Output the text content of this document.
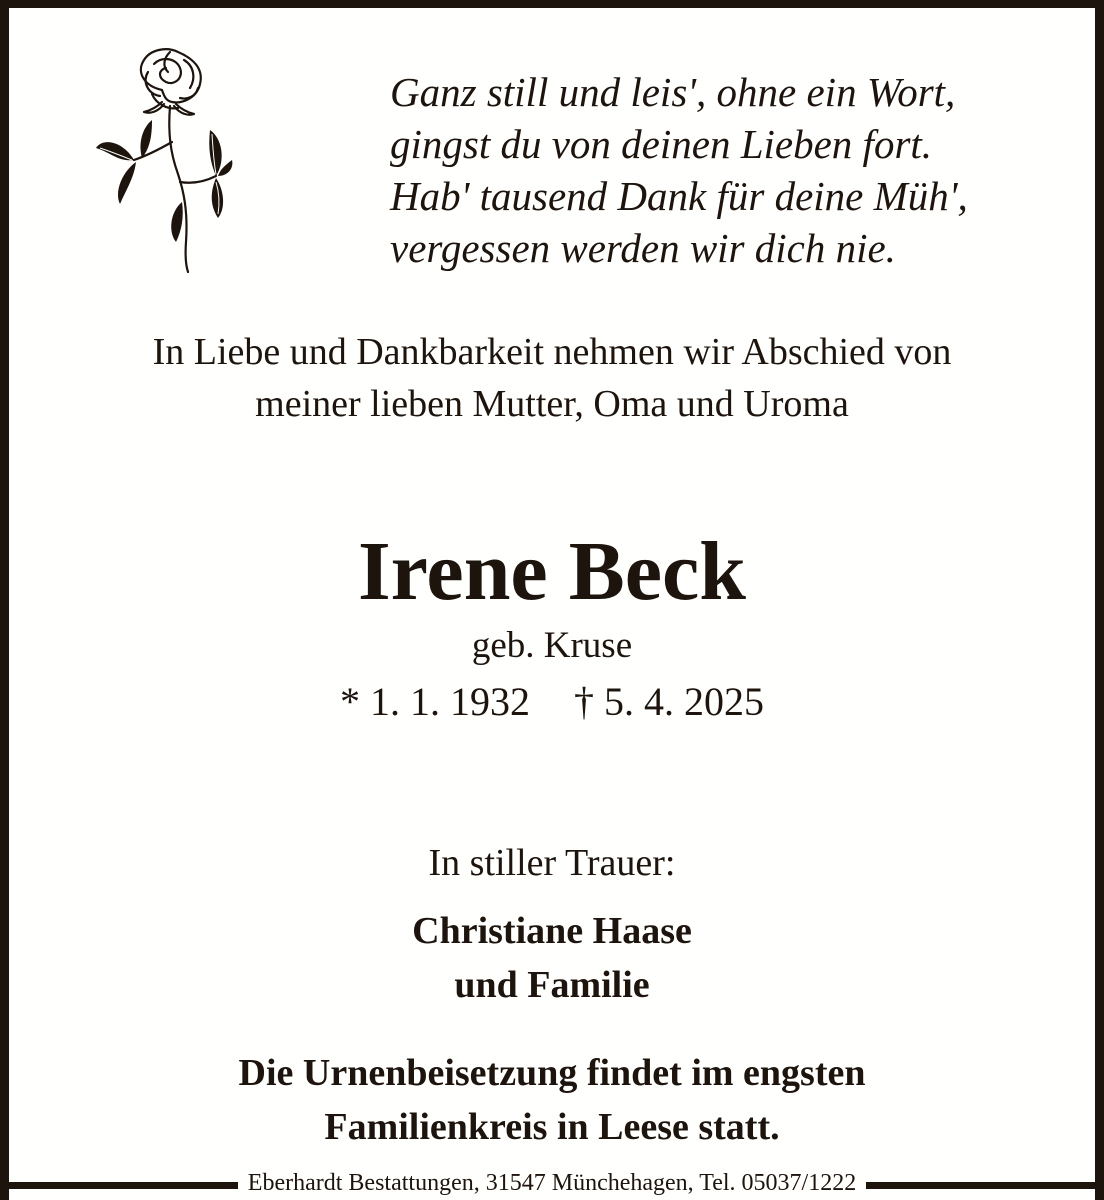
Ganz still und leis', ohne ein Wort,
gingst du von deinen Lieben fort.
Hab' tausend Dank für deine Müh',
vergessen werden wir dich nie.
In Liebe und Dankbarkeit nehmen wir Abschied von
meiner lieben Mutter, Oma und Uroma
Irene Beck
geb. Kruse
* 1. 1. 1932 † 5. 4. 2025
In stiller Trauer:
Christiane Haase
und Familie
Die Urnenbeisetzung findet im engsten
Familienkreis in Leese statt.
Eberhardt Bestattungen, 31547 Münchehagen, Tel. 05037/1222
